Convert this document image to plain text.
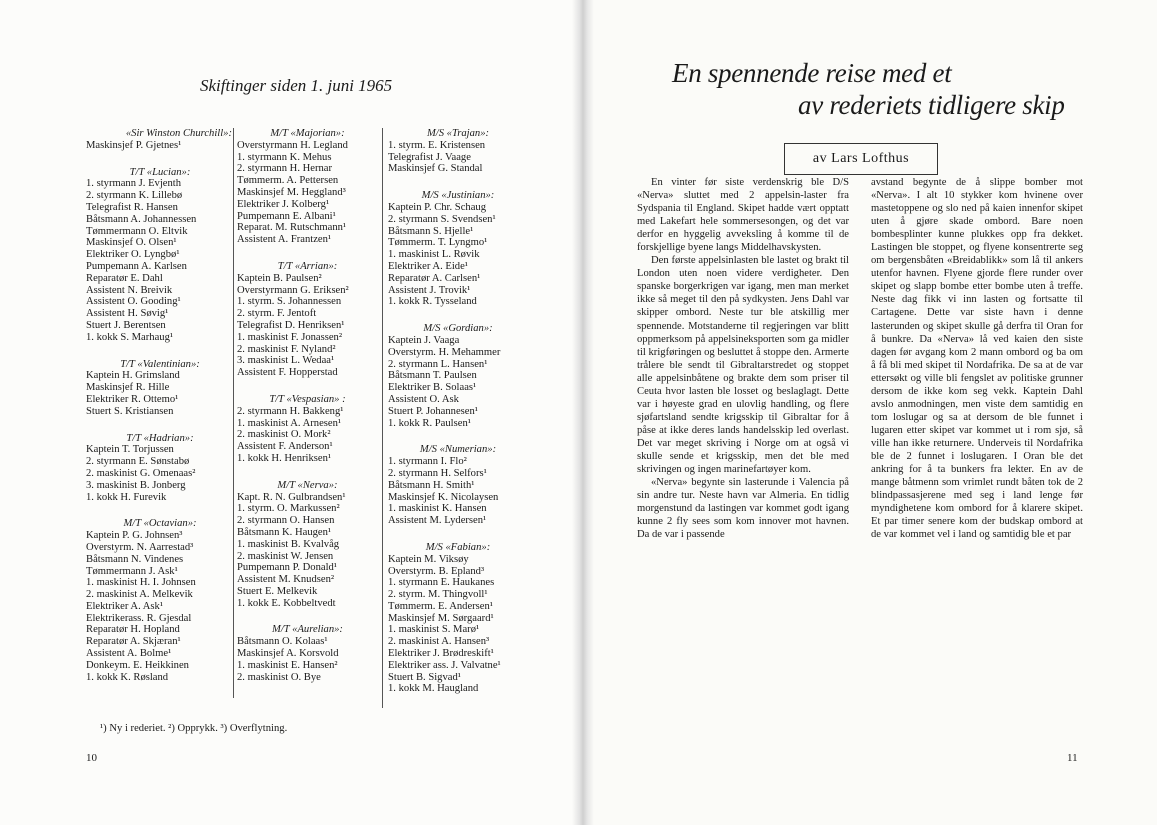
Skiftinger siden 1. juni 1965
«Sir Winston Churchill»:
Maskinsjef P. Gjetnes¹
T/T «Lucian»:
1. styrmann J. Evjenth
2. styrmann K. Lillebø
Telegrafist R. Hansen
Båtsmann A. Johannessen
Tømmermann O. Eltvik
Maskinsjef O. Olsen¹
Elektriker O. Lyngbø¹
Pumpemann A. Karlsen
Reparatør E. Dahl
Assistent N. Breivik
Assistent O. Gooding¹
Assistent H. Søvig¹
Stuert J. Berentsen
1. kokk S. Marhaug¹
T/T «Valentinian»:
Kaptein H. Grimsland
Maskinsjef R. Hille
Elektriker R. Ottemo¹
Stuert S. Kristiansen
T/T «Hadrian»:
Kaptein T. Torjussen
2. styrmann E. Sønstabø
2. maskinist G. Omenaas²
3. maskinist B. Jonberg
1. kokk H. Furevik
M/T «Octavian»:
Kaptein P. G. Johnsen³
Overstyrm. N. Aarrestad³
Båtsmann N. Vindenes
Tømmermann J. Ask¹
1. maskinist H. I. Johnsen
2. maskinist A. Melkevik
Elektriker A. Ask¹
Elektrikerass. R. Gjesdal
Reparatør H. Hopland
Reparatør A. Skjæran¹
Assistent A. Bolme¹
Donkeym. E. Heikkinen
1. kokk K. Røsland
M/T «Majorian»:
Overstyrmann H. Legland
1. styrmann K. Mehus
2. styrmann H. Hernar
Tømmerm. A. Pettersen
Maskinsjef M. Heggland³
Elektriker J. Kolberg¹
Pumpemann E. Albani¹
Reparat. M. Rutschmann¹
Assistent A. Frantzen¹
T/T «Arrian»:
Kaptein B. Paulsen²
Overstyrmann G. Eriksen²
1. styrm. S. Johannessen
2. styrm. F. Jentoft
Telegrafist D. Henriksen¹
1. maskinist F. Jonassen²
2. maskinist F. Nyland²
3. maskinist L. Wedaa¹
Assistent F. Hopperstad
T/T «Vespasian» :
2. styrmann H. Bakkeng¹
1. maskinist A. Arnesen¹
2. maskinist O. Mork²
Assistent F. Anderson¹
1. kokk H. Henriksen¹
M/T «Nerva»:
Kapt. R. N. Gulbrandsen¹
1. styrm. O. Markussen²
2. styrmann O. Hansen
Båtsmann K. Haugen¹
1. maskinist B. Kvalvåg
2. maskinist W. Jensen
Pumpemann P. Donald¹
Assistent M. Knudsen²
Stuert E. Melkevik
1. kokk E. Kobbeltvedt
M/T «Aurelian»:
Båtsmann O. Kolaas¹
Maskinsjef A. Korsvold
1. maskinist E. Hansen²
2. maskinist O. Bye
M/S «Trajan»:
1. styrm. E. Kristensen
Telegrafist J. Vaage
Maskinsjef G. Standal
M/S «Justinian»:
Kaptein P. Chr. Schaug
2. styrmann S. Svendsen¹
Båtsmann S. Hjelle¹
Tømmerm. T. Lyngmo¹
1. maskinist L. Røvik
Elektriker A. Eide¹
Reparatør A. Carlsen¹
Assistent J. Trovik¹
1. kokk R. Tysseland
M/S «Gordian»:
Kaptein J. Vaaga
Overstyrm. H. Mehammer
2. styrmann L. Hansen¹
Båtsmann T. Paulsen
Elektriker B. Solaas¹
Assistent O. Ask
Stuert P. Johannesen¹
1. kokk R. Paulsen¹
M/S «Numerian»:
1. styrmann I. Flo²
2. styrmann H. Selfors¹
Båtsmann H. Smith¹
Maskinsjef K. Nicolaysen
1. maskinist K. Hansen
Assistent M. Lydersen¹
M/S «Fabian»:
Kaptein M. Viksøy
Overstyrm. B. Epland³
1. styrmann E. Haukanes
2. styrm. M. Thingvoll¹
Tømmerm. E. Andersen¹
Maskinsjef M. Sørgaard¹
1. maskinist S. Marø¹
2. maskinist A. Hansen³
Elektriker J. Brødreskift¹
Elektriker ass. J. Valvatne¹
Stuert B. Sigvad¹
1. kokk M. Haugland
¹) Ny i rederiet. ²) Opprykk. ³) Overflytning.
10
En spennende reise med et
av rederiets tidligere skip
av Lars Lofthus

En vinter før siste verdenskrig ble D/S «Nerva» sluttet med 2 appelsin-laster fra Sydspania til England. Skipet hadde vært opptatt med Lakefart hele sommersesongen, og det var derfor en hyggelig avveksling å komme til de forskjellige byene langs Middelhavskysten.

Den første appelsinlasten ble lastet og brakt til London uten noen videre verdigheter. Den spanske borgerkrigen var igang, men man merket ikke så meget til den på sydkysten. Jens Dahl var skipper ombord. Neste tur ble atskillig mer spennende. Motstanderne til regjeringen var blitt oppmerksom på appelsineksporten som ga midler til krigføringen og besluttet å stoppe den. Armerte trålere ble sendt til Gibraltarstredet og stoppet alle appelsinbåtene og brakte dem som priser til Ceuta hvor lasten ble losset og beslaglagt. Dette var i høyeste grad en ulovlig handling, og flere sjøfartsland sendte krigsskip til Gibraltar for å påse at ikke deres lands handelsskip led overlast. Det var meget skriving i Norge om at også vi skulle sende et krigsskip, men det ble med skrivingen og ingen marinefartøyer kom.

«Nerva» begynte sin lasterunde i Valencia på sin andre tur. Neste havn var Almeria. En tidlig morgenstund da lastingen var kommet godt igang kunne 2 fly sees som kom innover mot havnen. Da de var i passende

avstand begynte de å slippe bomber mot «Nerva». I alt 10 stykker kom hvinene over mastetoppene og slo ned på kaien innenfor skipet uten å gjøre skade ombord. Bare noen bombesplinter kunne plukkes opp fra dekket. Lastingen ble stoppet, og flyene konsentrerte seg om bergensbåten «Breidablikk» som lå til ankers utenfor havnen. Flyene gjorde flere runder over skipet og slapp bombe etter bombe uten å treffe. Neste dag fikk vi inn lasten og fortsatte til Cartagene. Dette var siste havn i denne lasterunden og skipet skulle gå derfra til Oran for å bunkre. Da «Nerva» lå ved kaien den siste dagen før avgang kom 2 mann ombord og ba om å få bli med skipet til Nordafrika. De sa at de var ettersøkt og ville bli fengslet av politiske grunner dersom de ikke kom seg vekk. Kaptein Dahl avslo anmodningen, men viste dem samtidig en tom loslugar og sa at dersom de ble funnet i lugaren etter skipet var kommet ut i rom sjø, så ville han ikke returnere. Underveis til Nordafrika ble de 2 funnet i loslugaren. I Oran ble det ankring for å ta bunkers fra lekter. En av de mange båtmenn som vrimlet rundt båten tok de 2 blindpassasjerene med seg i land lenge før myndighetene kom ombord for å klarere skipet. Et par timer senere kom der budskap ombord at de var kommet vel i land og samtidig ble et par

11
